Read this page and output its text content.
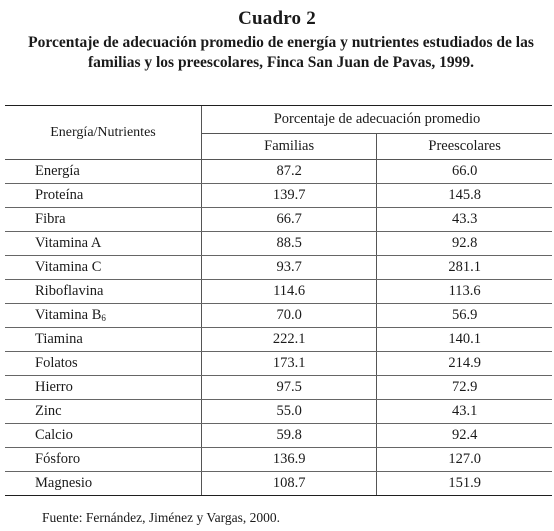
Cuadro 2
Porcentaje de adecuación promedio de energía y nutrientes estudiados de las
familias y los preescolares, Finca San Juan de Pavas, 1999.
Energía/Nutrientes	Porcentaje de adecuación promedio	
	Familias	Preescolares
Energía	87.2	66.0
Proteína	139.7	145.8
Fibra	66.7	43.3
Vitamina A	88.5	92.8
Vitamina C	93.7	281.1
Riboflavina	114.6	113.6
Vitamina $B_6$	70.0	56.9
Tiamina	222.1	140.1
Folatos	173.1	214.9
Hierro	97.5	72.9
Zinc	55.0	43.1
Calcio	59.8	92.4
Fósforo	136.9	127.0
Magnesio	108.7	151.9
Fuente: Fernández, Jiménez y Vargas, 2000.
